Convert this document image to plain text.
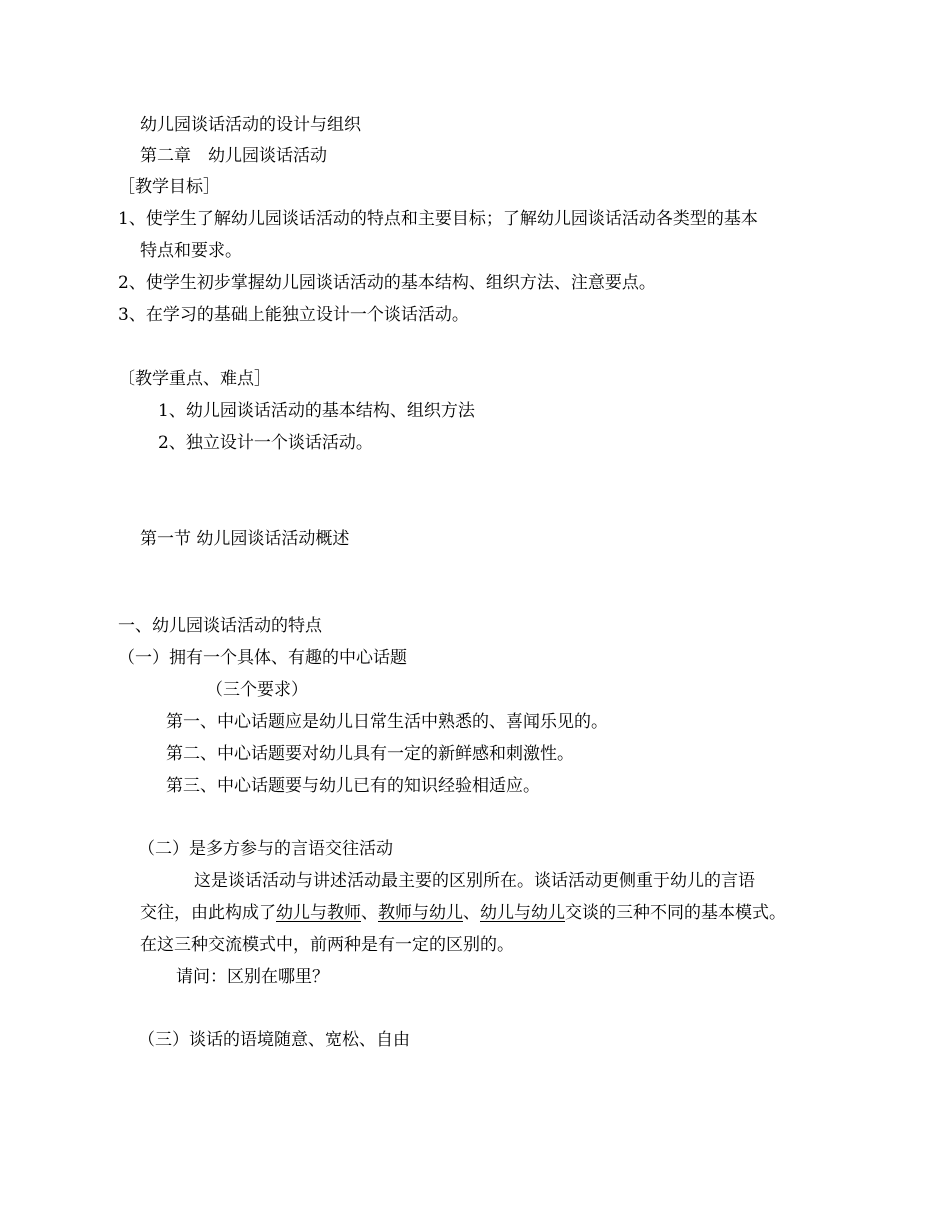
幼儿园谈话活动的设计与组织
第二章　幼儿园谈话活动
［教学目标］
1、使学生了解幼儿园谈话活动的特点和主要目标；了解幼儿园谈话活动各类型的基本
特点和要求。
2、使学生初步掌握幼儿园谈话活动的基本结构、组织方法、注意要点。
3、在学习的基础上能独立设计一个谈话活动。
〔教学重点、难点］
1、幼儿园谈话活动的基本结构、组织方法
2、独立设计一个谈话活动。
第一节 幼儿园谈话活动概述
一、幼儿园谈话活动的特点
（一）拥有一个具体、有趣的中心话题
（三个要求）
第一、中心话题应是幼儿日常生活中熟悉的、喜闻乐见的。
第二、中心话题要对幼儿具有一定的新鲜感和刺激性。
第三、中心话题要与幼儿已有的知识经验相适应。
（二）是多方参与的言语交往活动
这是谈话活动与讲述活动最主要的区别所在。谈话活动更侧重于幼儿的言语
交往，由此构成了幼儿与教师、教师与幼儿、幼儿与幼儿交谈的三种不同的基本模式。
在这三种交流模式中，前两种是有一定的区别的。
请问：区别在哪里？
（三）谈话的语境随意、宽松、自由
